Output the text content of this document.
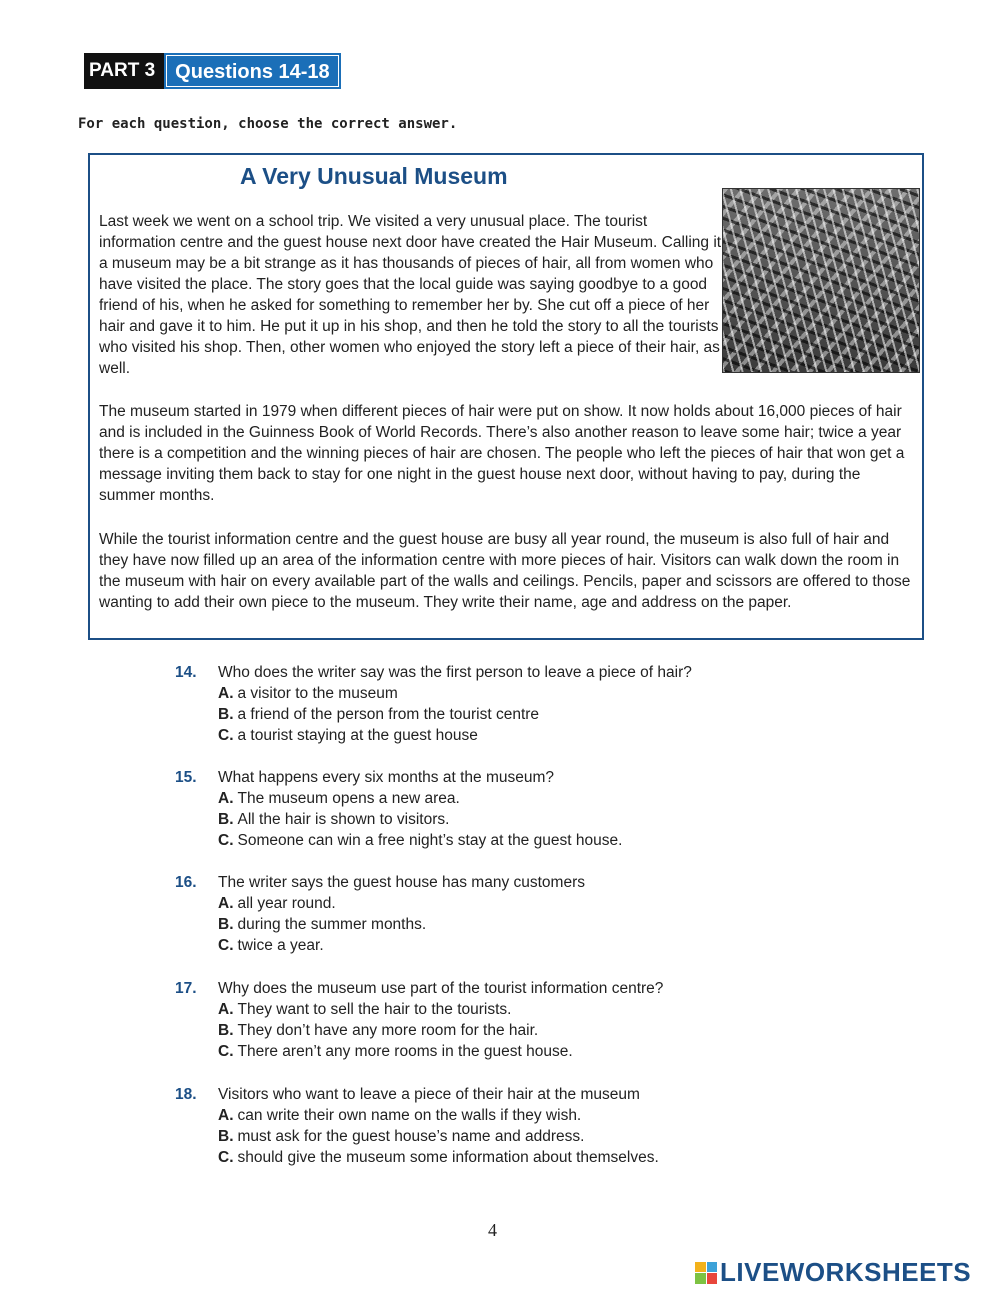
PART 3	Questions 14-18
For each question, choose the correct answer.
A Very Unusual Museum

Last week we went on a school trip. We visited a very unusual place. The tourist information centre and the guest house next door have created the Hair Museum. Calling it a museum may be a bit strange as it has thousands of pieces of hair, all from women who have visited the place. The story goes that the local guide was saying goodbye to a good friend of his, when he asked for something to remember her by. She cut off a piece of her hair and gave it to him. He put it up in his shop, and then he told the story to all the tourists who visited his shop. Then, other women who enjoyed the story left a piece of their hair, as well.

The museum started in 1979 when different pieces of hair were put on show. It now holds about 16,000 pieces of hair and is included in the Guinness Book of World Records. There’s also another reason to leave some hair; twice a year there is a competition and the winning pieces of hair are chosen. The people who left the pieces of hair that won get a message inviting them back to stay for one night in the guest house next door, without having to pay, during the summer months.

While the tourist information centre and the guest house are busy all year round, the museum is also full of hair and they have now filled up an area of the information centre with more pieces of hair. Visitors can walk down the room in the museum with hair on every available part of the walls and ceilings. Pencils, paper and scissors are offered to those wanting to add their own piece to the museum. They write their name, age and address on the paper.

14.	Who does the writer say was the first person to leave a piece of hair?
A. a visitor to the museum
B. a friend of the person from the tourist centre
C. a tourist staying at the guest house
15.	What happens every six months at the museum?
A. The museum opens a new area.
B. All the hair is shown to visitors.
C. Someone can win a free night’s stay at the guest house.
16.	The writer says the guest house has many customers
A. all year round.
B. during the summer months.
C. twice a year.
17.	Why does the museum use part of the tourist information centre?
A. They want to sell the hair to the tourists.
B. They don’t have any more room for the hair.
C. There aren’t any more rooms in the guest house.
18.	Visitors who want to leave a piece of their hair at the museum
A. can write their own name on the walls if they wish.
B. must ask for the guest house’s name and address.
C. should give the museum some information about themselves.
4
LIVEWORKSHEETS
